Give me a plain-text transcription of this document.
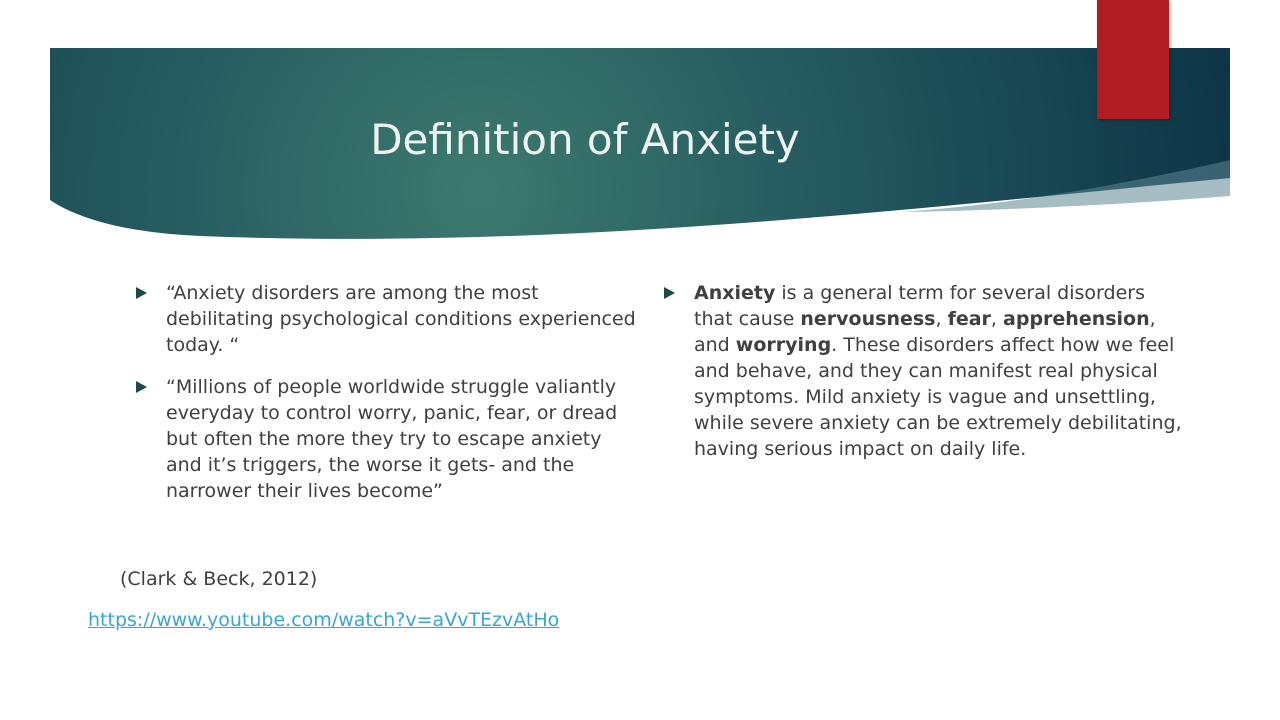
Definition of Anxiety
“Anxiety disorders are among the most debilitating psychological conditions experienced today. “
“Millions of people worldwide struggle valiantly everyday to control worry, panic, fear, or dread but often the more they try to escape anxiety and it’s triggers, the worse it gets- and the narrower their lives become”
(Clark & Beck, 2012)
https://www.youtube.com/watch?v=aVvTEzvAtHo
Anxiety is a general term for several disorders that cause nervousness, fear, apprehension, and worrying. These disorders affect how we feel and behave, and they can manifest real physical symptoms. Mild anxiety is vague and unsettling, while severe anxiety can be extremely debilitating, having serious impact on daily life.
